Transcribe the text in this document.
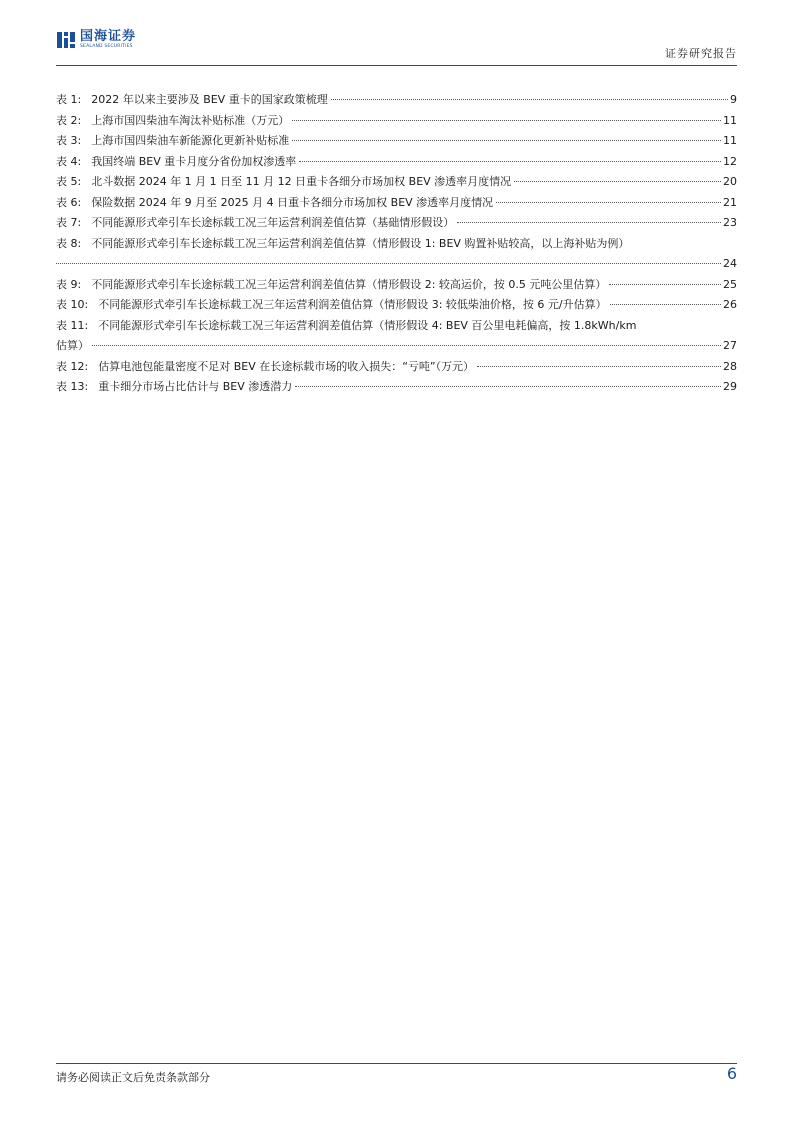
国海证券
SEALAND SECURITIES
证券研究报告
表 1: 2022 年以来主要涉及 BEV 重卡的国家政策梳理	9
表 2: 上海市国四柴油车淘汰补贴标准（万元）	11
表 3: 上海市国四柴油车新能源化更新补贴标准	11
表 4: 我国终端 BEV 重卡月度分省份加权渗透率	12
表 5: 北斗数据 2024 年 1 月 1 日至 11 月 12 日重卡各细分市场加权 BEV 渗透率月度情况	20
表 6: 保险数据 2024 年 9 月至 2025 月 4 日重卡各细分市场加权 BEV 渗透率月度情况	21
表 7: 不同能源形式牵引车长途标载工况三年运营利润差值估算（基础情形假设）	23
表 8: 不同能源形式牵引车长途标载工况三年运营利润差值估算（情形假设 1: BEV 购置补贴较高，以上海补贴为例）
24
表 9: 不同能源形式牵引车长途标载工况三年运营利润差值估算（情形假设 2: 较高运价，按 0.5 元吨公里估算）	25
表 10: 不同能源形式牵引车长途标载工况三年运营利润差值估算（情形假设 3: 较低柴油价格，按 6 元/升估算）	26
表 11: 不同能源形式牵引车长途标载工况三年运营利润差值估算（情形假设 4: BEV 百公里电耗偏高，按 1.8kWh/km
估算）	27
表 12: 估算电池包能量密度不足对 BEV 在长途标载市场的收入损失：“亏吨”（万元）	28
表 13: 重卡细分市场占比估计与 BEV 渗透潜力	29
请务必阅读正文后免责条款部分	6
